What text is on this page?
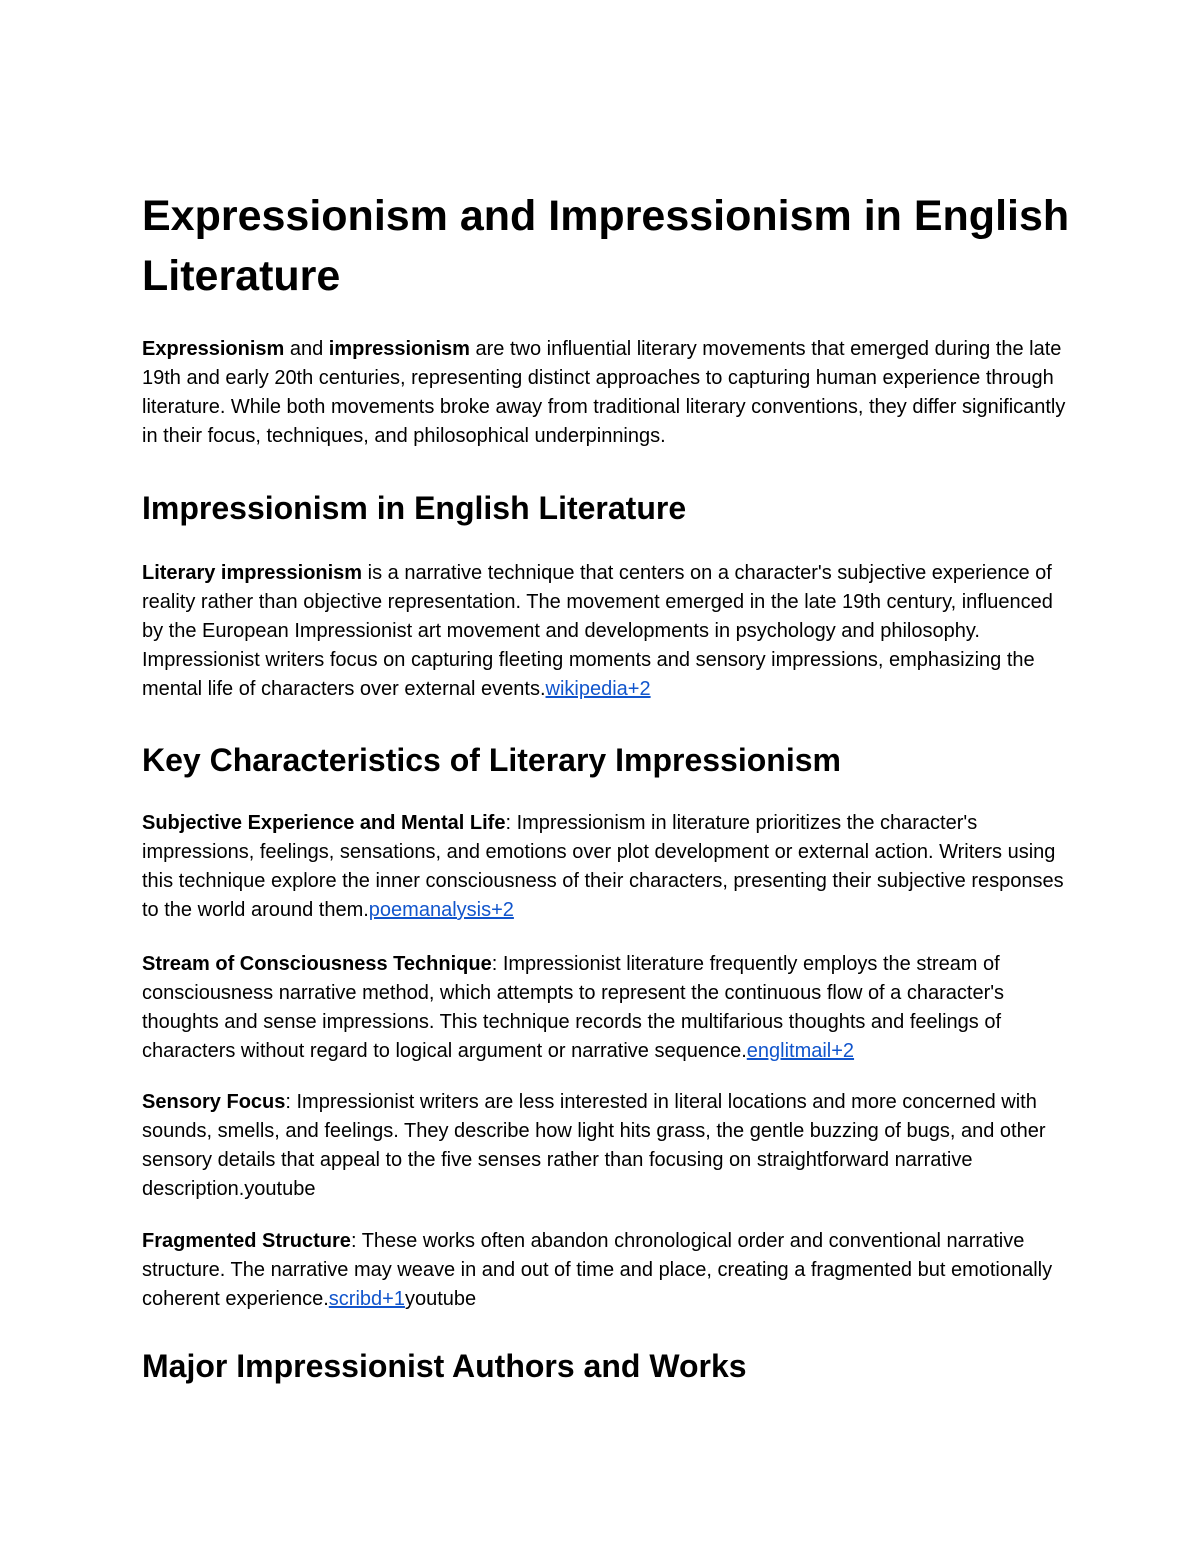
Expressionism and Impressionism in English Literature

Expressionism and impressionism are two influential literary movements that emerged during the late 19th and early 20th centuries, representing distinct approaches to capturing human experience through literature. While both movements broke away from traditional literary conventions, they differ significantly in their focus, techniques, and philosophical underpinnings.

Impressionism in English Literature

Literary impressionism is a narrative technique that centers on a character's subjective experience of reality rather than objective representation. The movement emerged in the late 19th century, influenced by the European Impressionist art movement and developments in psychology and philosophy. Impressionist writers focus on capturing fleeting moments and sensory impressions, emphasizing the mental life of characters over external events.wikipedia+2

Key Characteristics of Literary Impressionism

Subjective Experience and Mental Life: Impressionism in literature prioritizes the character's impressions, feelings, sensations, and emotions over plot development or external action. Writers using this technique explore the inner consciousness of their characters, presenting their subjective responses to the world around them.poemanalysis+2

Stream of Consciousness Technique: Impressionist literature frequently employs the stream of consciousness narrative method, which attempts to represent the continuous flow of a character's thoughts and sense impressions. This technique records the multifarious thoughts and feelings of characters without regard to logical argument or narrative sequence.englitmail+2

Sensory Focus: Impressionist writers are less interested in literal locations and more concerned with sounds, smells, and feelings. They describe how light hits grass, the gentle buzzing of bugs, and other sensory details that appeal to the five senses rather than focusing on straightforward narrative description.youtube

Fragmented Structure: These works often abandon chronological order and conventional narrative structure. The narrative may weave in and out of time and place, creating a fragmented but emotionally coherent experience.scribd+1youtube

Major Impressionist Authors and Works
